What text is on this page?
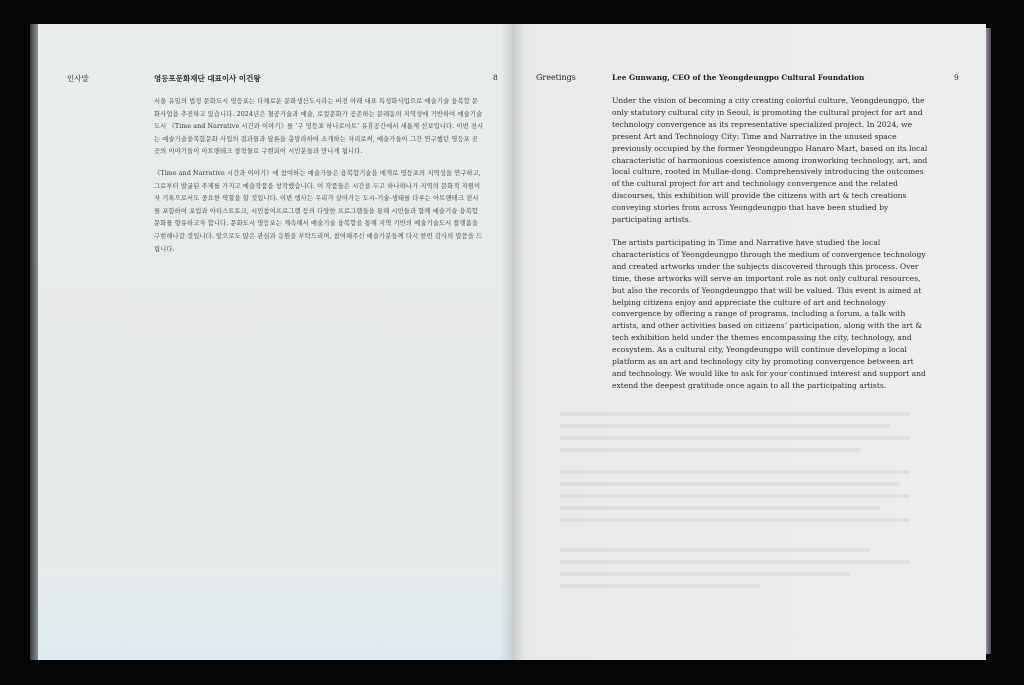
인사말	영등포문화재단 대표이사 이건왕	8	Greetings	Lee Gunwang, CEO of the Yeongdeungpo Cultural Foundation	9

서울 유일의 법정 문화도시 영등포는 다채로운 문화생산도시라는 비전 아래 대표 특성화사업으로 예술기술 융복합 문화사업을 추진하고 있습니다. 2024년은 철공기술과 예술, 로컬문화가 공존하는 문래동의 지역성에 기반하여 예술기술도시 《Time and Narrative 시간과 이야기》를 ‘구 영등포 하나로마트’ 유휴공간에서 새롭게 선보입니다. 이번 전시는 예술기술융복합문화 사업의 결과물과 담론을 총망라하여 소개하는 자리로써, 예술가들이 그간 연구했던 영등포 곳곳의 이야기들이 아트앤테크 창작물로 구현되어 시민분들과 만나게 됩니다.

《Time and Narrative 시간과 이야기》에 참여하는 예술가들은 융복합기술을 매개로 영등포의 지역성을 연구하고, 그로부터 발굴된 주제를 가지고 예술작품을 창작했습니다. 이 작품들은 시간을 두고 하나하나가 지역의 문화적 자원이자 기록으로서도 중요한 역할을 할 것입니다. 이번 행사는 우리가 살아가는 도시-기술-생태를 다루는 아트앤테크 전시를 포함하여 포럼과 아티스트토크, 시민참여프로그램 등의 다양한 프로그램들을 통해 시민들과 함께 예술기술 융복합문화를 향유하고자 합니다. 문화도시 영등포는 계속해서 예술기술 융복합을 통해 지역 기반의 예술기술도시 플랫폼을 구현해나갈 것입니다. 앞으로도 많은 관심과 응원을 부탁드리며, 참여해주신 예술가분들께 다시 한번 감사의 말씀을 드립니다.

Under the vision of becoming a city creating colorful culture, Yeongdeungpo, the only statutory cultural city in Seoul, is promoting the cultural project for art and technology convergence as its representative specialized project. In 2024, we present Art and Technology City: Time and Narrative in the unused space previously occupied by the former Yeongdeungpo Hanaro Mart, based on its local characteristic of harmonious coexistence among ironworking technology, art, and local culture, rooted in Mullae-dong. Comprehensively introducing the outcomes of the cultural project for art and technology convergence and the related discourses, this exhibition will provide the citizens with art & tech creations conveying stories from across Yeongdeungpo that have been studied by participating artists.

The artists participating in Time and Narrative have studied the local characteristics of Yeongdeungpo through the medium of convergence technology and created artworks under the subjects discovered through this process. Over time, these artworks will serve an important role as not only cultural resources, but also the records of Yeongdeungpo that will be valued. This event is aimed at helping citizens enjoy and appreciate the culture of art and technology convergence by offering a range of programs, including a forum, a talk with artists, and other activities based on citizens’ participation, along with the art & tech exhibition held under the themes encompassing the city, technology, and ecosystem. As a cultural city, Yeongdeungpo will continue developing a local platform as an art and technology city by promoting convergence between art and technology. We would like to ask for your continued interest and support and extend the deepest gratitude once again to all the participating artists.
